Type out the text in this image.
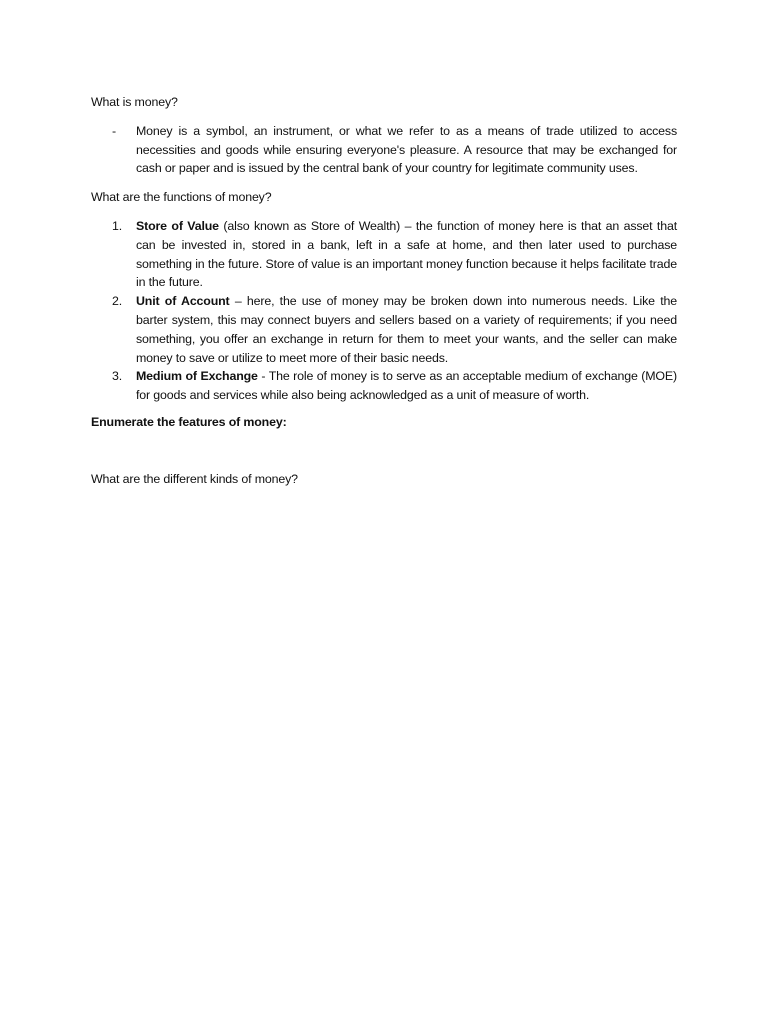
What is money?

- Money is a symbol, an instrument, or what we refer to as a means of trade utilized to access necessities and goods while ensuring everyone's pleasure. A resource that may be exchanged for cash or paper and is issued by the central bank of your country for legitimate community uses.

What are the functions of money?

1. Store of Value (also known as Store of Wealth) – the function of money here is that an asset that can be invested in, stored in a bank, left in a safe at home, and then later used to purchase something in the future. Store of value is an important money function because it helps facilitate trade in the future.
2. Unit of Account – here, the use of money may be broken down into numerous needs. Like the barter system, this may connect buyers and sellers based on a variety of requirements; if you need something, you offer an exchange in return for them to meet your wants, and the seller can make money to save or utilize to meet more of their basic needs.
3. Medium of Exchange - The role of money is to serve as an acceptable medium of exchange (MOE) for goods and services while also being acknowledged as a unit of measure of worth.

Enumerate the features of money:

What are the different kinds of money?
